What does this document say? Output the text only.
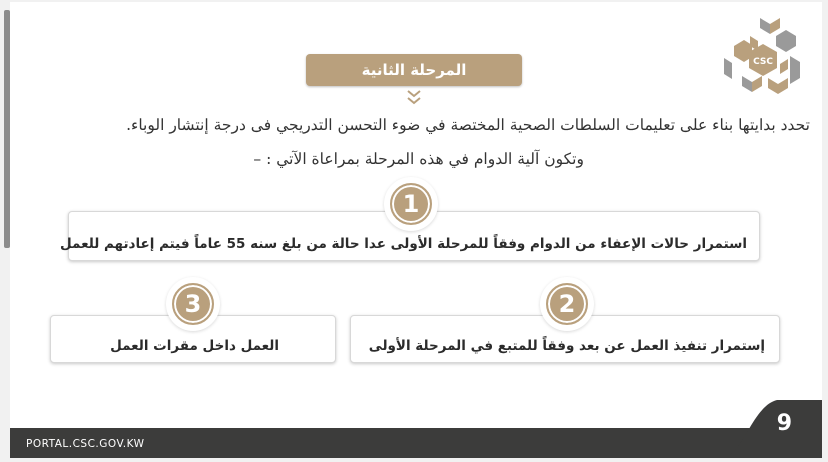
CSC
المرحلة الثانية
تحدد بدايتها بناء على تعليمات السلطات الصحية المختصة في ضوء التحسن التدريجي فى درجة إنتشار الوباء.
وتكون آلية الدوام في هذه المرحلة بمراعاة الآتي : –
استمرار حالات الإعفاء من الدوام وفقاً للمرحلة الأولى عدا حالة من بلغ سنه 55 عاماً فيتم إعادتهم للعمل
1
إستمرار تنفيذ العمل عن بعد وفقاً للمتبع في المرحلة الأولى
2
العمل داخل مقرات العمل
3
PORTAL.CSC.GOV.KW
9
